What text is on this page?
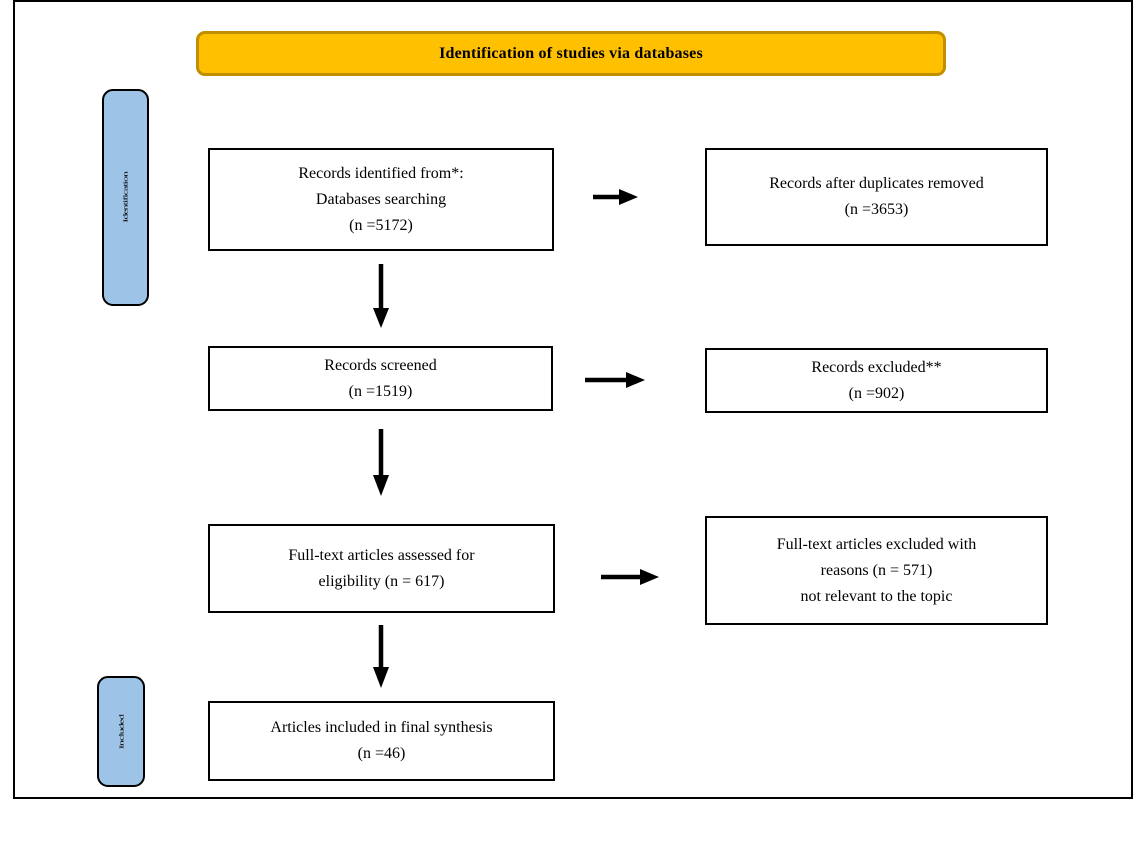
Identification of studies via databases
Identification
Included
Records identified from*:
Databases searching
(n =5172)
Records screened
(n =1519)
Full-text articles assessed for
eligibility (n = 617)
Articles included in final synthesis
(n =46)
Records after duplicates removed
(n =3653)
Records excluded**
(n =902)
Full-text articles excluded with
reasons (n = 571)
not relevant to the topic
